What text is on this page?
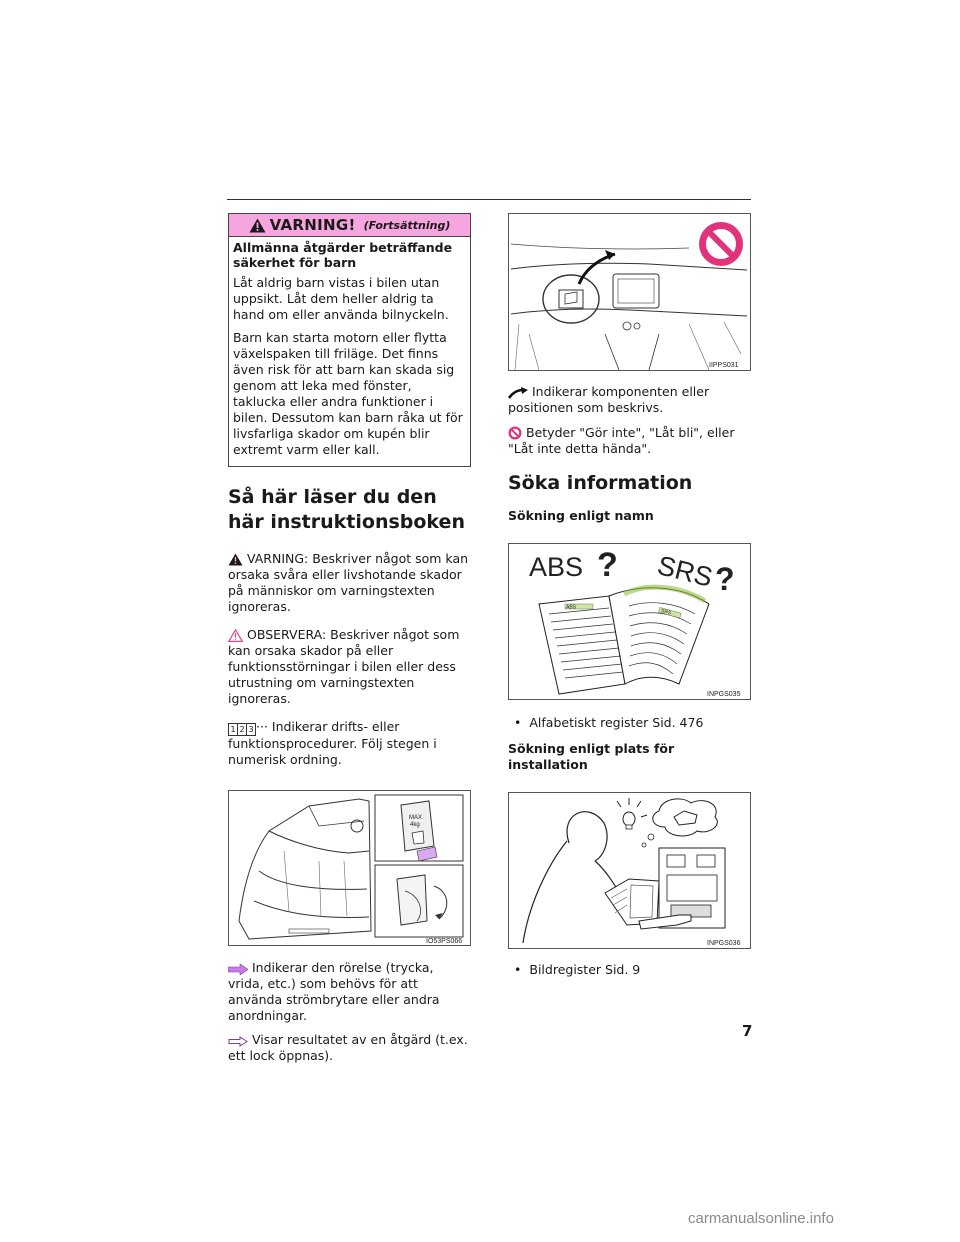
VARNING! (Fortsättning)
Allmänna åtgärder beträffande säkerhet för barn

Låt aldrig barn vistas i bilen utan uppsikt. Låt dem heller aldrig ta hand om eller använda bilnyckeln.

Barn kan starta motorn eller flytta växelspaken till friläge. Det finns även risk för att barn kan skada sig genom att leka med fönster, taklucka eller andra funktioner i bilen. Dessutom kan barn råka ut för livsfarliga skador om kupén blir extremt varm eller kall.

Så här läser du den här instruktionsboken

VARNING: Beskriver något som kan orsaka svåra eller livshotande skador på människor om varningstexten ignoreras.

OBSERVERA: Beskriver något som kan orsaka skador på eller funktionsstörningar i bilen eller dess utrustning om varningstexten ignoreras.

1 2 3 ··· Indikerar drifts- eller funktionsprocedurer. Följ stegen i numerisk ordning.

MAX
4kg
IO53PS066

Indikerar den rörelse (trycka, vrida, etc.) som behövs för att använda strömbrytare eller andra anordningar.

Visar resultatet av en åtgärd (t.ex. ett lock öppnas).

IIPPS031

Indikerar komponenten eller positionen som beskrivs.

Betyder "Gör inte", "Låt bli", eller "Låt inte detta hända".

Söka information
Sökning enligt namn
ABS ? SRS ?
ABS
SRS
INPGS035
• Alfabetiskt register Sid. 476
Sökning enligt plats för installation
INPGS036
• Bildregister Sid. 9
7
carmanualsonline.info
